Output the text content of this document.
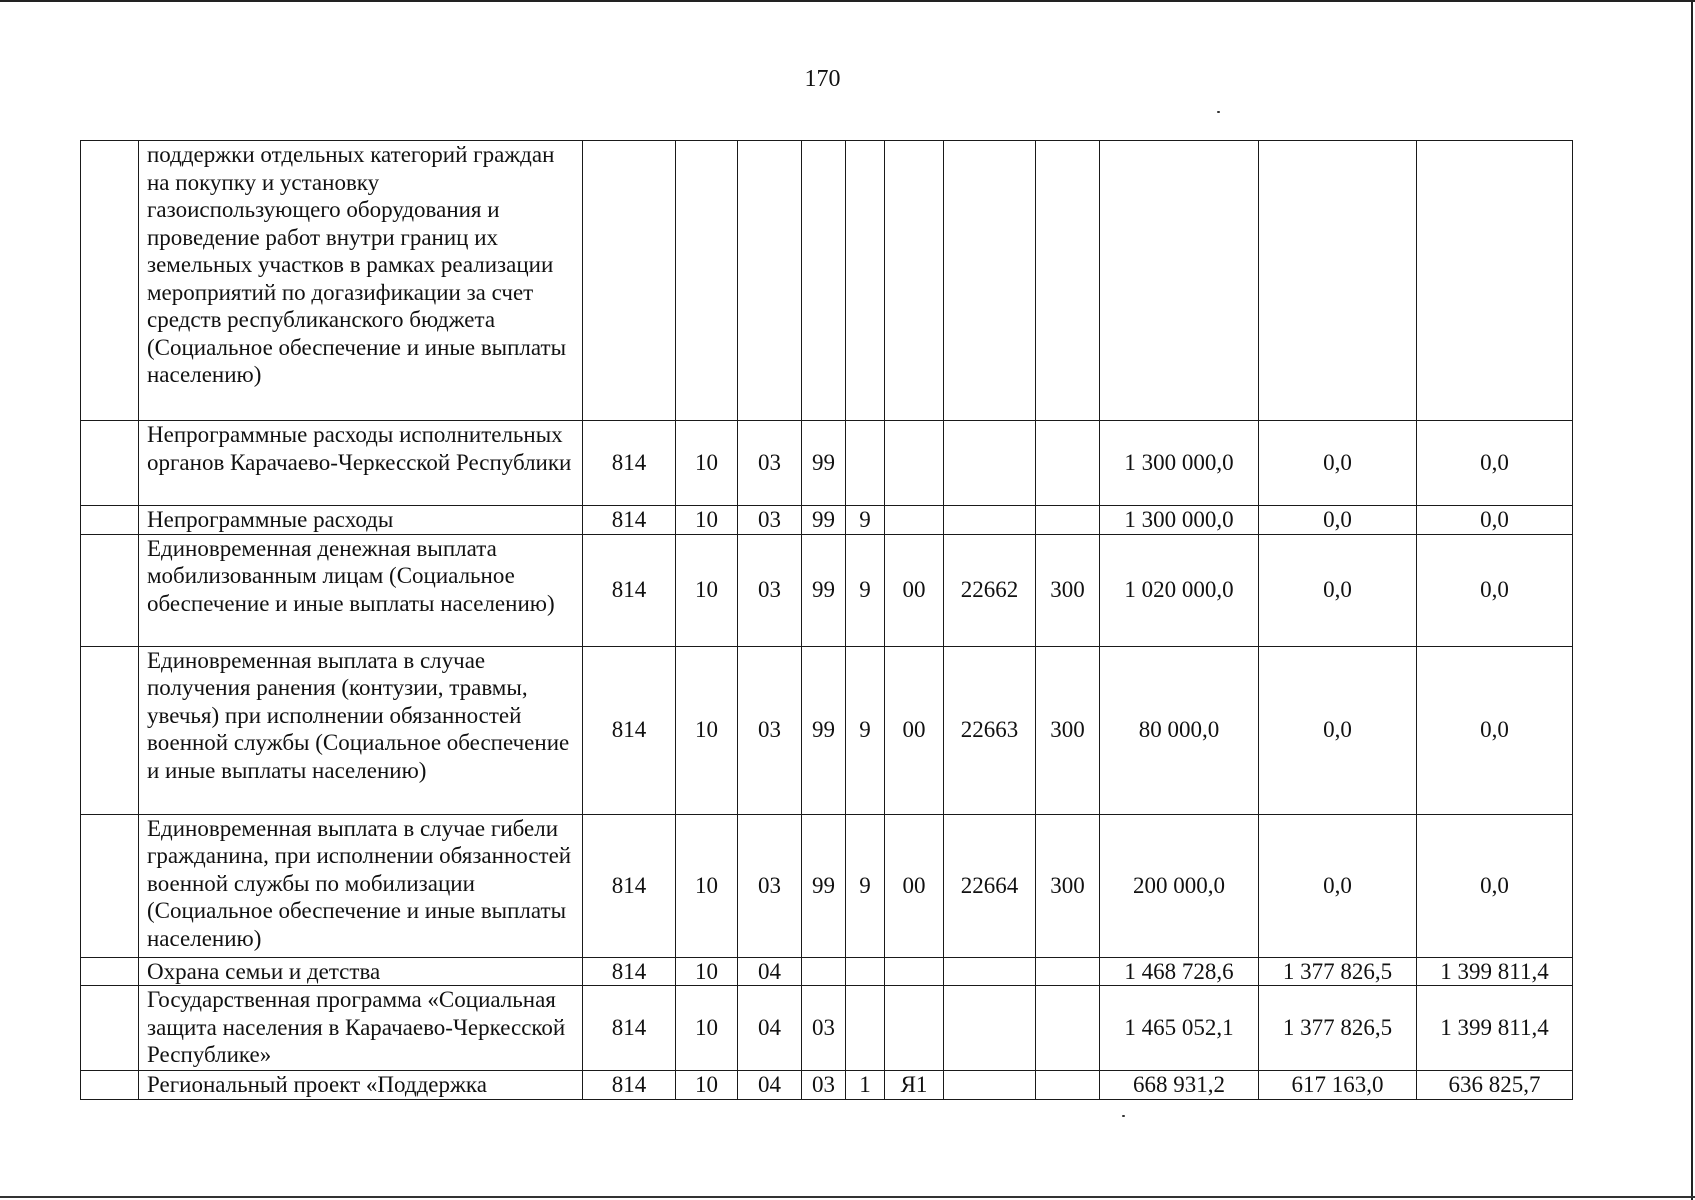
170
	поддержки отдельных категорий граждан на покупку и установку газоиспользующего оборудования и проведение работ внутри границ их земельных участков в рамках реализации мероприятий по догазификации за счет средств республиканского бюджета (Социальное обеспечение и иные выплаты населению)											
	Непрограммные расходы исполнительных органов Карачаево-Черкесской Республики	814	10	03	99					1 300 000,0	0,0	0,0
	Непрограммные расходы	814	10	03	99	9				1 300 000,0	0,0	0,0
	Единовременная денежная выплата мобилизованным лицам (Социальное обеспечение и иные выплаты населению)	814	10	03	99	9	00	22662	300	1 020 000,0	0,0	0,0
	Единовременная выплата в случае получения ранения (контузии, травмы, увечья) при исполнении обязанностей военной службы (Социальное обеспечение и иные выплаты населению)	814	10	03	99	9	00	22663	300	80 000,0	0,0	0,0
	Единовременная выплата в случае гибели гражданина, при исполнении обязанностей военной службы по мобилизации (Социальное обеспечение и иные выплаты населению)	814	10	03	99	9	00	22664	300	200 000,0	0,0	0,0
	Охрана семьи и детства	814	10	04						1 468 728,6	1 377 826,5	1 399 811,4
	Государственная программа «Социальная защита населения в Карачаево-Черкесской Республике»	814	10	04	03					1 465 052,1	1 377 826,5	1 399 811,4
	Региональный проект «Поддержка	814	10	04	03	1	Я1			668 931,2	617 163,0	636 825,7
